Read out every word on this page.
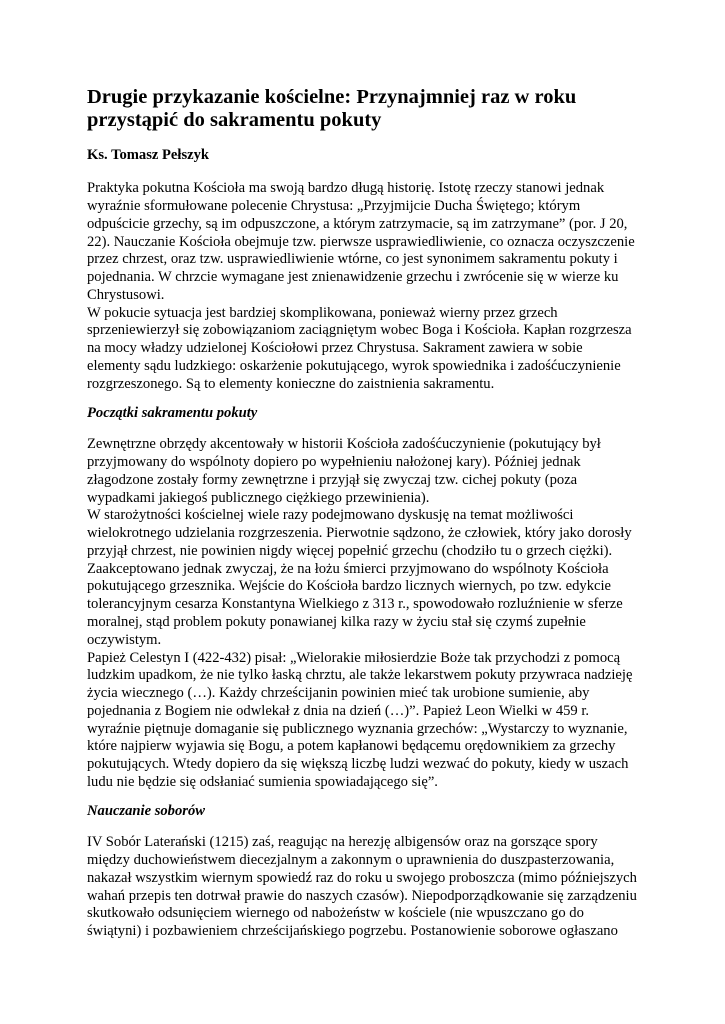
Drugie przykazanie kościelne: Przynajmniej raz w roku przystąpić do sakramentu pokuty

Ks. Tomasz Pełszyk

Praktyka pokutna Kościoła ma swoją bardzo długą historię. Istotę rzeczy stanowi jednak

wyraźnie sformułowane polecenie Chrystusa: „Przyjmijcie Ducha Świętego; którym

odpuścicie grzechy, są im odpuszczone, a którym zatrzymacie, są im zatrzymane” (por. J 20,

22). Nauczanie Kościoła obejmuje tzw. pierwsze usprawiedliwienie, co oznacza oczyszczenie

przez chrzest, oraz tzw. usprawiedliwienie wtórne, co jest synonimem sakramentu pokuty i

pojednania. W chrzcie wymagane jest znienawidzenie grzechu i zwrócenie się w wierze ku

Chrystusowi.

W pokucie sytuacja jest bardziej skomplikowana, ponieważ wierny przez grzech

sprzeniewierzył się zobowiązaniom zaciągniętym wobec Boga i Kościoła. Kapłan rozgrzesza

na mocy władzy udzielonej Kościołowi przez Chrystusa. Sakrament zawiera w sobie

elementy sądu ludzkiego: oskarżenie pokutującego, wyrok spowiednika i zadośćuczynienie

rozgrzeszonego. Są to elementy konieczne do zaistnienia sakramentu.

Początki sakramentu pokuty

Zewnętrzne obrzędy akcentowały w historii Kościoła zadośćuczynienie (pokutujący był

przyjmowany do wspólnoty dopiero po wypełnieniu nałożonej kary). Później jednak

złagodzone zostały formy zewnętrzne i przyjął się zwyczaj tzw. cichej pokuty (poza

wypadkami jakiegoś publicznego ciężkiego przewinienia).

W starożytności kościelnej wiele razy podejmowano dyskusję na temat możliwości

wielokrotnego udzielania rozgrzeszenia. Pierwotnie sądzono, że człowiek, który jako dorosły

przyjął chrzest, nie powinien nigdy więcej popełnić grzechu (chodziło tu o grzech ciężki).

Zaakceptowano jednak zwyczaj, że na łożu śmierci przyjmowano do wspólnoty Kościoła

pokutującego grzesznika. Wejście do Kościoła bardzo licznych wiernych, po tzw. edykcie

tolerancyjnym cesarza Konstantyna Wielkiego z 313 r., spowodowało rozluźnienie w sferze

moralnej, stąd problem pokuty ponawianej kilka razy w życiu stał się czymś zupełnie

oczywistym.

Papież Celestyn I (422-432) pisał: „Wielorakie miłosierdzie Boże tak przychodzi z pomocą

ludzkim upadkom, że nie tylko łaską chrztu, ale także lekarstwem pokuty przywraca nadzieję

życia wiecznego (…). Każdy chrześcijanin powinien mieć tak urobione sumienie, aby

pojednania z Bogiem nie odwlekał z dnia na dzień (…)”. Papież Leon Wielki w 459 r.

wyraźnie piętnuje domaganie się publicznego wyznania grzechów: „Wystarczy to wyznanie,

które najpierw wyjawia się Bogu, a potem kapłanowi będącemu orędownikiem za grzechy

pokutujących. Wtedy dopiero da się większą liczbę ludzi wezwać do pokuty, kiedy w uszach

ludu nie będzie się odsłaniać sumienia spowiadającego się”.

Nauczanie soborów

IV Sobór Laterański (1215) zaś, reagując na herezję albigensów oraz na gorszące spory

między duchowieństwem diecezjalnym a zakonnym o uprawnienia do duszpasterzowania,

nakazał wszystkim wiernym spowiedź raz do roku u swojego proboszcza (mimo późniejszych

wahań przepis ten dotrwał prawie do naszych czasów). Niepodporządkowanie się zarządzeniu

skutkowało odsunięciem wiernego od nabożeństw w kościele (nie wpuszczano go do

świątyni) i pozbawieniem chrześcijańskiego pogrzebu. Postanowienie soborowe ogłaszano
